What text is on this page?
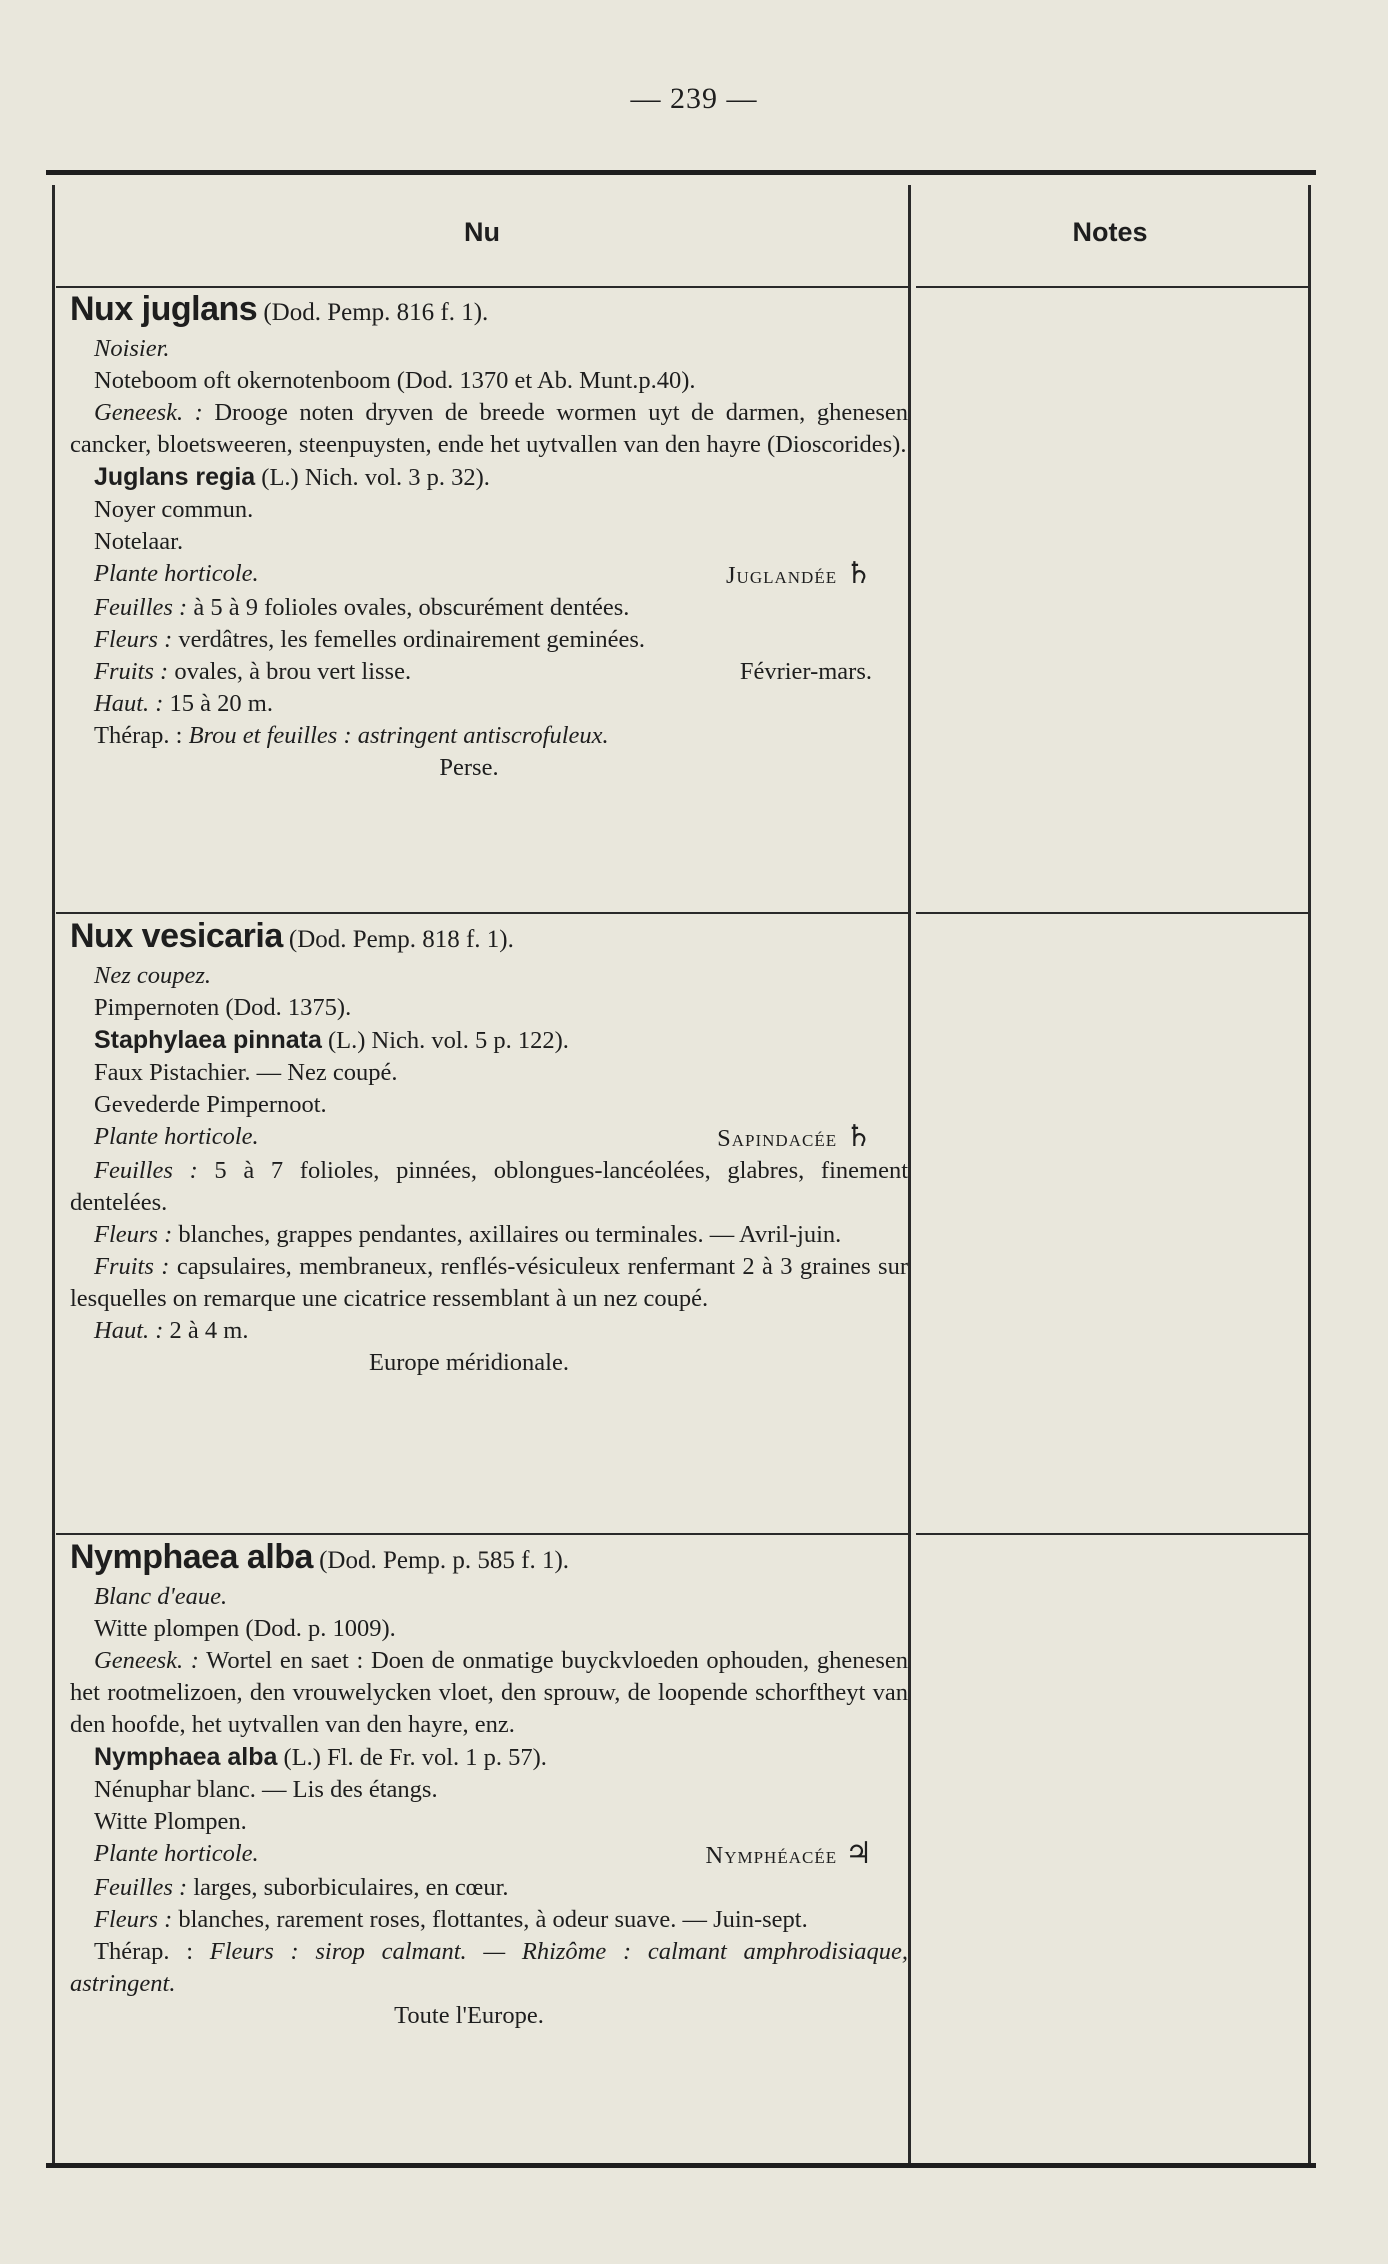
— 239 —
Nu	Notes

Nux juglans (Dod. Pemp. 816 f. 1).

Noisier.

Noteboom oft okernotenboom (Dod. 1370 et Ab. Munt.p.40).

Geneesk. : Drooge noten dryven de breede wormen uyt de darmen, ghenesen cancker, bloetsweeren, steenpuysten, ende het uytvallen van den hayre (Dioscorides).

Juglans regia (L.) Nich. vol. 3 p. 32).

Noyer commun.

Notelaar.

Plante horticole.	Juglandée ♄

Feuilles : à 5 à 9 folioles ovales, obscurément dentées.

Fleurs : verdâtres, les femelles ordinairement geminées.

Fruits : ovales, à brou vert lisse.	Février-mars.

Haut. : 15 à 20 m.

Thérap. : Brou et feuilles : astringent antiscrofuleux.

Perse.

Nux vesicaria (Dod. Pemp. 818 f. 1).

Nez coupez.

Pimpernoten (Dod. 1375).

Staphylaea pinnata (L.) Nich. vol. 5 p. 122).

Faux Pistachier. — Nez coupé.

Gevederde Pimpernoot.

Plante horticole.	Sapindacée ♄

Feuilles : 5 à 7 folioles, pinnées, oblongues-lancéolées, glabres, finement dentelées.

Fleurs : blanches, grappes pendantes, axillaires ou terminales. — Avril-juin.

Fruits : capsulaires, membraneux, renflés-vésiculeux renfermant 2 à 3 graines sur lesquelles on remarque une cicatrice ressemblant à un nez coupé.

Haut. : 2 à 4 m.

Europe méridionale.

Nymphaea alba (Dod. Pemp. p. 585 f. 1).

Blanc d'eaue.

Witte plompen (Dod. p. 1009).

Geneesk. : Wortel en saet : Doen de onmatige buyckvloeden ophouden, ghenesen het rootmelizoen, den vrouwelycken vloet, den sprouw, de loopende schorftheyt van den hoofde, het uytvallen van den hayre, enz.

Nymphaea alba (L.) Fl. de Fr. vol. 1 p. 57).

Nénuphar blanc. — Lis des étangs.

Witte Plompen.

Plante horticole.	Nymphéacée ♃

Feuilles : larges, suborbiculaires, en cœur.

Fleurs : blanches, rarement roses, flottantes, à odeur suave. — Juin-sept.

Thérap. : Fleurs : sirop calmant. — Rhizôme : calmant amphrodisiaque, astringent.

Toute l'Europe.
